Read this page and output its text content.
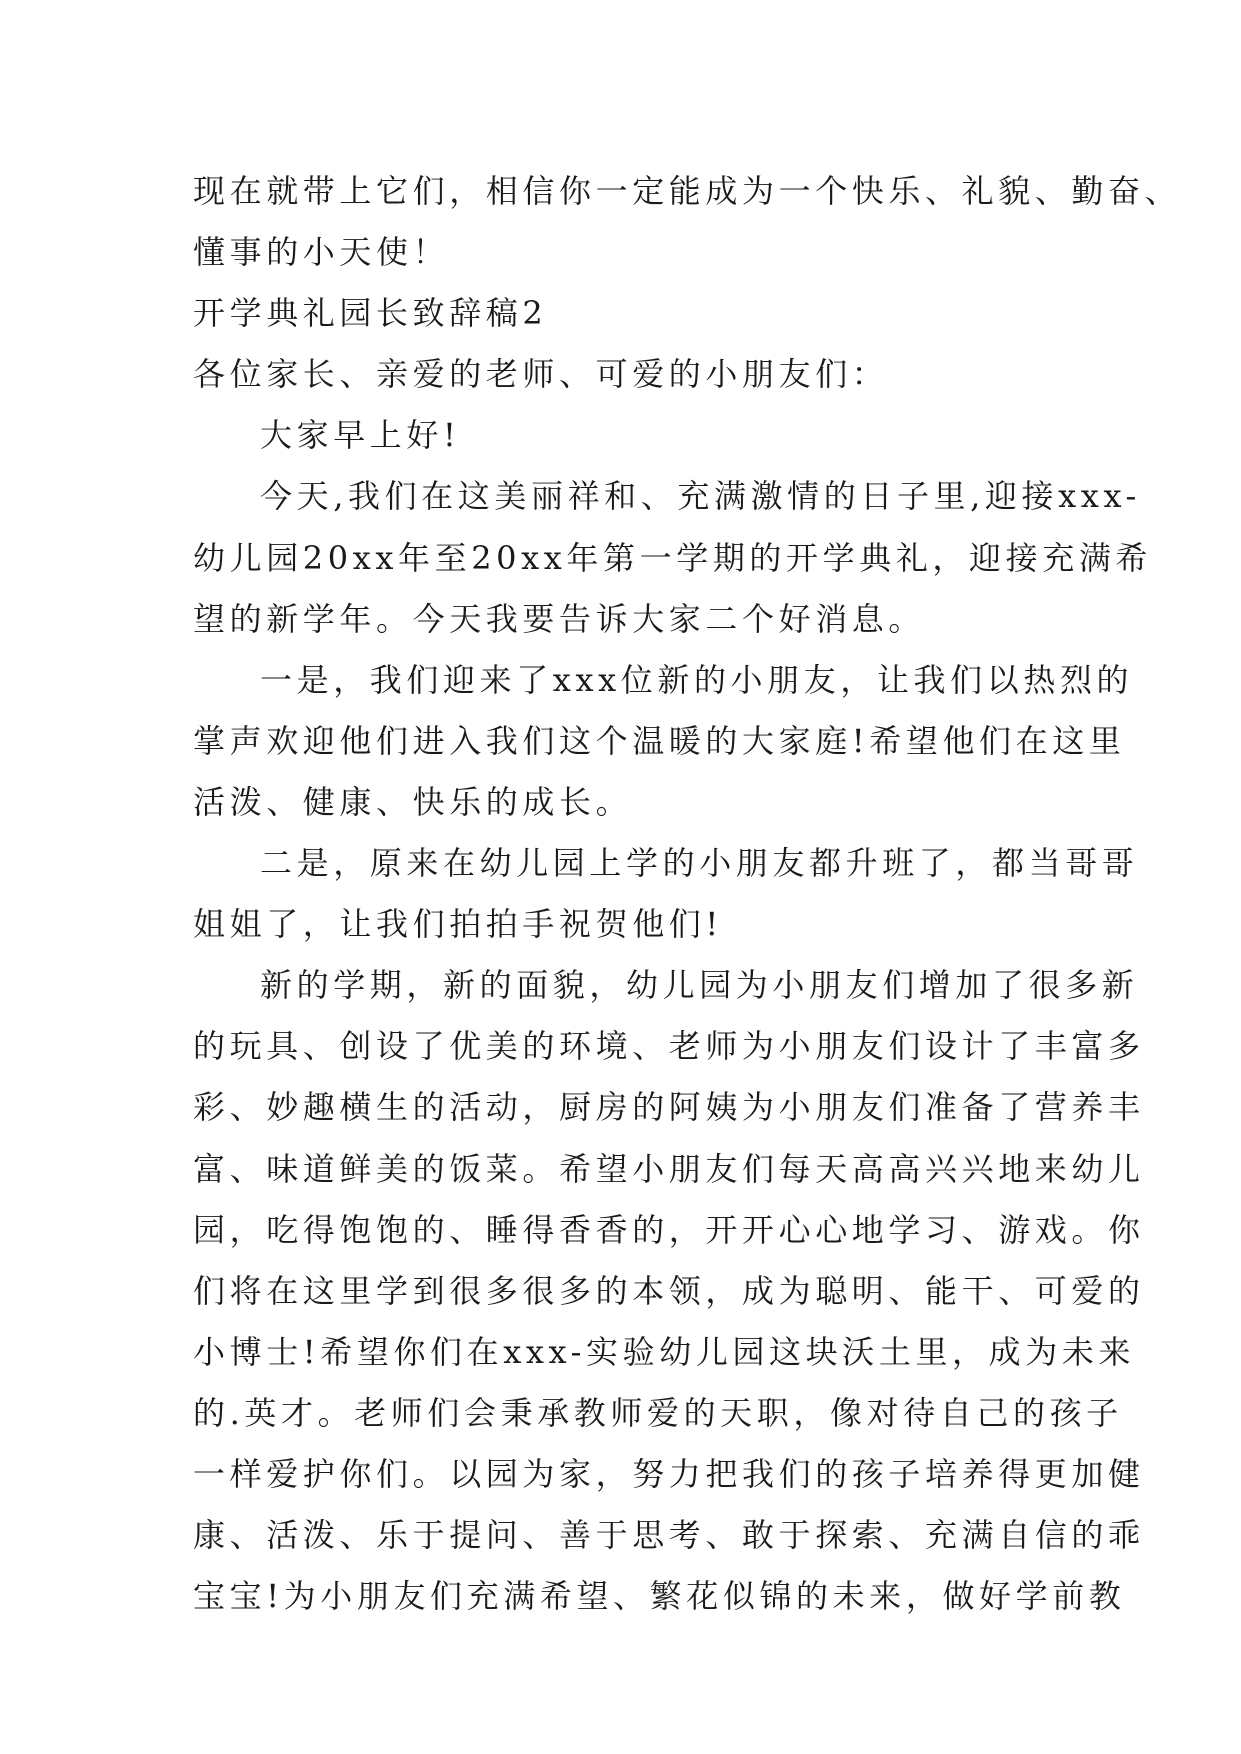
现在就带上它们，相信你一定能成为一个快乐、礼貌、勤奋、

懂事的小天使！

开学典礼园长致辞稿2

各位家长、亲爱的老师、可爱的小朋友们：

大家早上好!

今天,我们在这美丽祥和、充满激情的日子里,迎接xxx-

幼儿园20xx年至20xx年第一学期的开学典礼，迎接充满希

望的新学年。今天我要告诉大家二个好消息。

一是，我们迎来了xxx位新的小朋友，让我们以热烈的

掌声欢迎他们进入我们这个温暖的大家庭!希望他们在这里

活泼、健康、快乐的成长。

二是，原来在幼儿园上学的小朋友都升班了，都当哥哥

姐姐了，让我们拍拍手祝贺他们!

新的学期，新的面貌，幼儿园为小朋友们增加了很多新

的玩具、创设了优美的环境、老师为小朋友们设计了丰富多

彩、妙趣横生的活动，厨房的阿姨为小朋友们准备了营养丰

富、味道鲜美的饭菜。希望小朋友们每天高高兴兴地来幼儿

园，吃得饱饱的、睡得香香的，开开心心地学习、游戏。你

们将在这里学到很多很多的本领，成为聪明、能干、可爱的

小博士!希望你们在xxx-实验幼儿园这块沃土里，成为未来

的.英才。老师们会秉承教师爱的天职，像对待自己的孩子

一样爱护你们。以园为家，努力把我们的孩子培养得更加健

康、活泼、乐于提问、善于思考、敢于探索、充满自信的乖

宝宝!为小朋友们充满希望、繁花似锦的未来，做好学前教
